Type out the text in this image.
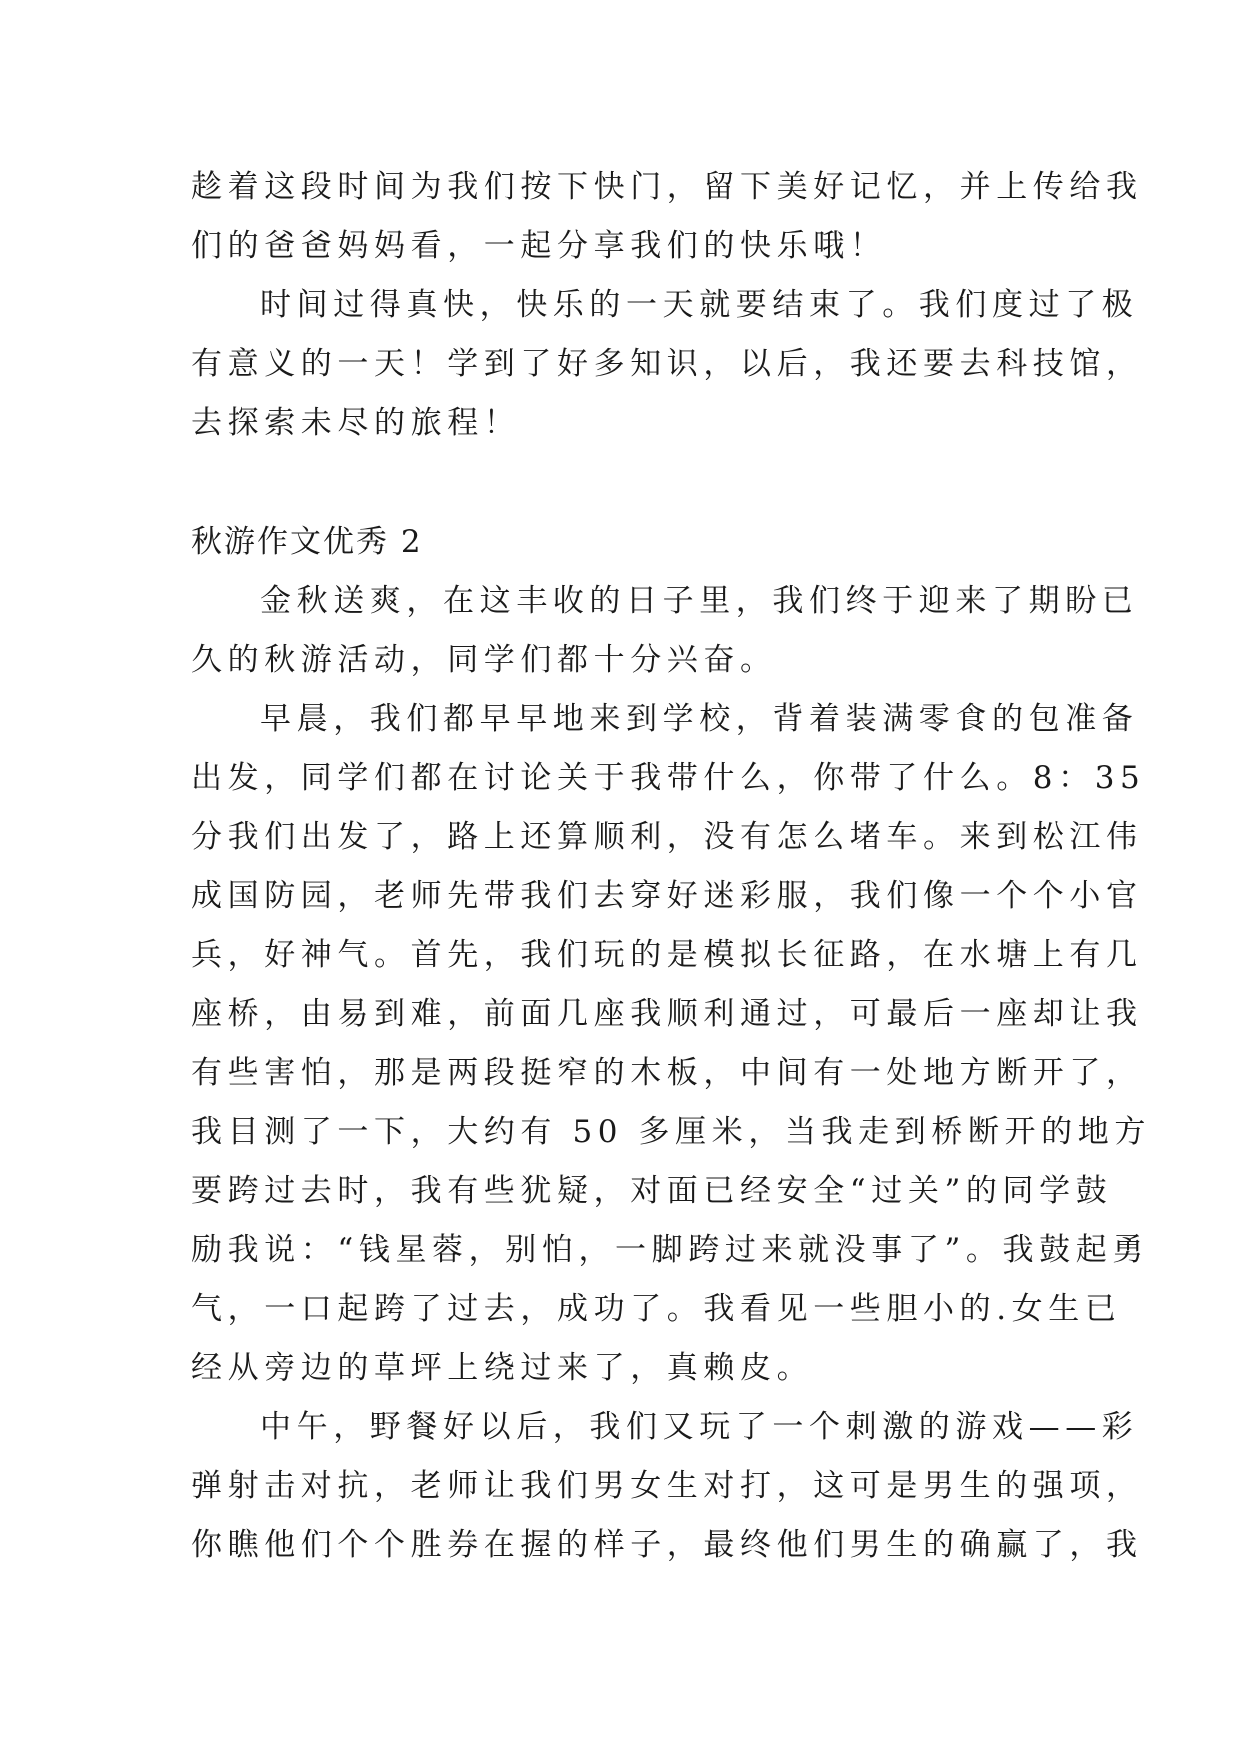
趁着这段时间为我们按下快门，留下美好记忆，并上传给我
们的爸爸妈妈看，一起分享我们的快乐哦！
时间过得真快，快乐的一天就要结束了。我们度过了极
有意义的一天！学到了好多知识，以后，我还要去科技馆，
去探索未尽的旅程！
秋游作文优秀 2
金秋送爽，在这丰收的日子里，我们终于迎来了期盼已
久的秋游活动，同学们都十分兴奋。
早晨，我们都早早地来到学校，背着装满零食的包准备
出发，同学们都在讨论关于我带什么，你带了什么。8：35
分我们出发了，路上还算顺利，没有怎么堵车。来到松江伟
成国防园，老师先带我们去穿好迷彩服，我们像一个个小官
兵，好神气。首先，我们玩的是模拟长征路，在水塘上有几
座桥，由易到难，前面几座我顺利通过，可最后一座却让我
有些害怕，那是两段挺窄的木板，中间有一处地方断开了，
我目测了一下，大约有 50 多厘米，当我走到桥断开的地方
要跨过去时，我有些犹疑，对面已经安全“过关”的同学鼓
励我说：“钱星蓉，别怕，一脚跨过来就没事了”。我鼓起勇
气，一口起跨了过去，成功了。我看见一些胆小的.女生已
经从旁边的草坪上绕过来了，真赖皮。
中午，野餐好以后，我们又玩了一个刺激的游戏——彩
弹射击对抗，老师让我们男女生对打，这可是男生的强项，
你瞧他们个个胜券在握的样子，最终他们男生的确赢了，我
